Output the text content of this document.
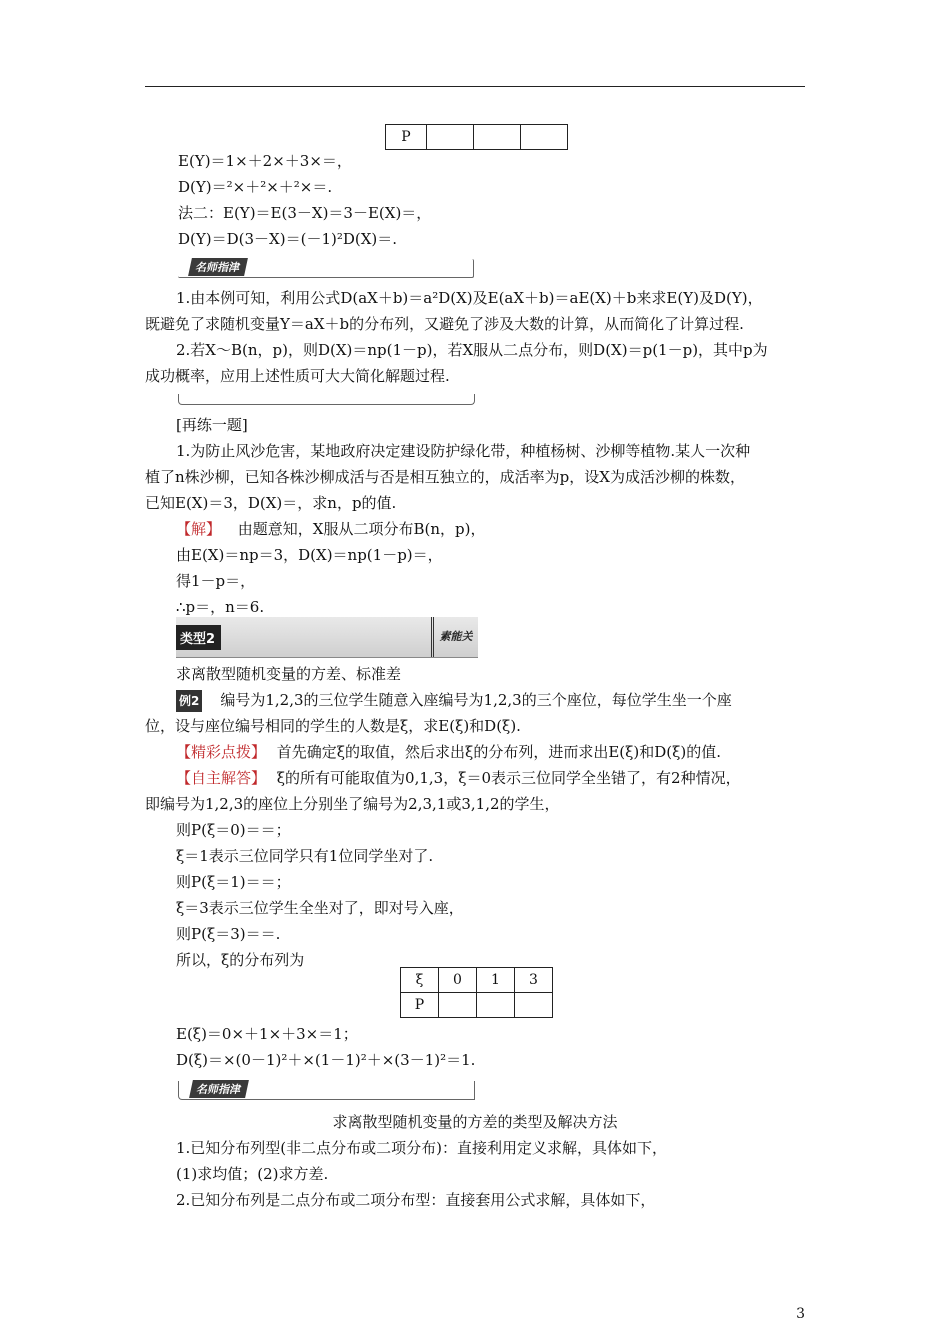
P			
E(Y)＝1×＋2×＋3×＝，
D(Y)＝²×＋²×＋²×＝.
法二：E(Y)＝E(3－X)＝3－E(X)＝，
D(Y)＝D(3－X)＝(－1)²D(X)＝.
名师指津
1.由本例可知，利用公式D(aX＋b)＝a²D(X)及E(aX＋b)＝aE(X)＋b来求E(Y)及D(Y)，
既避免了求随机变量Y＝aX＋b的分布列，又避免了涉及大数的计算，从而简化了计算过程.
2.若X～B(n，p)，则D(X)＝np(1－p)，若X服从二点分布，则D(X)＝p(1－p)，其中p为
成功概率，应用上述性质可大大简化解题过程.
[再练一题]
1.为防止风沙危害，某地政府决定建设防护绿化带，种植杨树、沙柳等植物.某人一次种
植了n株沙柳，已知各株沙柳成活与否是相互独立的，成活率为p，设X为成活沙柳的株数，
已知E(X)＝3，D(X)＝，求n，p的值.
【解】 由题意知，X服从二项分布B(n，p)，
由E(X)＝np＝3，D(X)＝np(1－p)＝，
得1－p＝，
∴p＝，n＝6.
类型2	素能关
求离散型随机变量的方差、标准差
例2 编号为1,2,3的三位学生随意入座编号为1,2,3的三个座位，每位学生坐一个座
位，设与座位编号相同的学生的人数是ξ，求E(ξ)和D(ξ).
【精彩点拨】 首先确定ξ的取值，然后求出ξ的分布列，进而求出E(ξ)和D(ξ)的值.
【自主解答】 ξ的所有可能取值为0,1,3，ξ＝0表示三位同学全坐错了，有2种情况，
即编号为1,2,3的座位上分别坐了编号为2,3,1或3,1,2的学生，
则P(ξ＝0)＝＝；
ξ＝1表示三位同学只有1位同学坐对了.
则P(ξ＝1)＝＝；
ξ＝3表示三位学生全坐对了，即对号入座，
则P(ξ＝3)＝＝.
所以，ξ的分布列为
ξ	0	1	3
P			
E(ξ)＝0×＋1×＋3×＝1；
D(ξ)＝×(0－1)²＋×(1－1)²＋×(3－1)²＝1.
名师指津
求离散型随机变量的方差的类型及解决方法
1.已知分布列型(非二点分布或二项分布)：直接利用定义求解，具体如下，
(1)求均值；(2)求方差.
2.已知分布列是二点分布或二项分布型：直接套用公式求解，具体如下，
3
